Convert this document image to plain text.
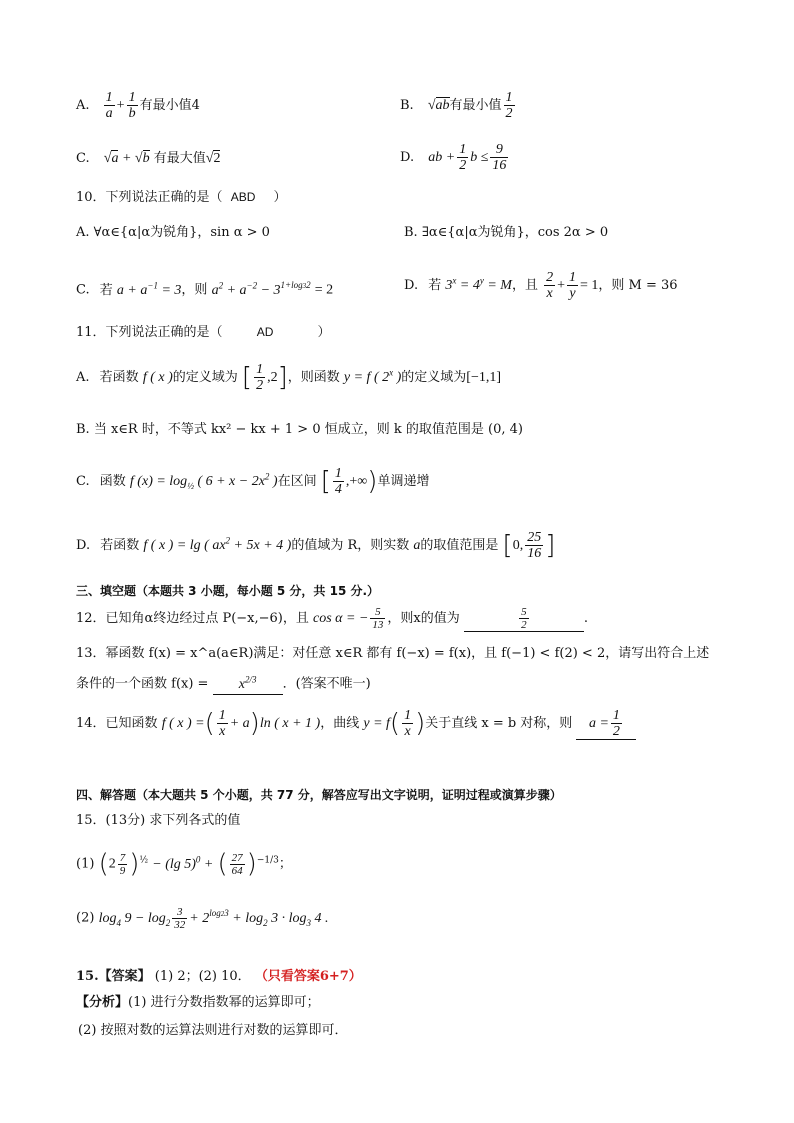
A. $\frac{1}{a} + \frac{1}{b}$ 有最小值4	B. √ab有最小值 $\frac{1}{2}$
C. √a + √b 有最大值√2	D. ab + $\frac{1}{2}$ $b \le \frac{9}{16}$
10．下列说法正确的是（ ABD ）
A. ∀α∈{α|α为锐角}，sin α > 0	B. ∃α∈{α|α为锐角}，cos 2α > 0
C. 若 $a + a^{-1} = 3$，则 $a^2 + a^{-2} - 3^{1+log32} = 2$	D. 若 $3^x = 4^y = M$，且 $\frac{2}{x} + \frac{1}{y} = 1$，则 M = 36
11．下列说法正确的是（	AD	）
A. 若函数 f ( x )的定义域为 [ $\frac{1}{2} ,2$]，则函数 y = f ( 2$^x$ )的定义域为[−1,1]
B. 当 x∈R 时，不等式 kx² − kx + 1 > 0 恒成立，则 k 的取值范围是 (0, 4)
C. 函数 f $(x) = \log_{\frac{1}{2}}$ ( $6 + x - 2x^2$ )在区间 [ $\frac{1}{4}$ ,+∞)单调递增
D. 若函数 f ( x ) = lg ( $ax^2 + 5x + 4$ )的值域为 R，则实数 a的取值范围是 [0, $\frac{25}{16}$ ]
三、填空题（本题共 3 小题，每小题 5 分，共 15 分.）
12．已知角α终边经过点 P(−x,−6)，且 cos α = − $\frac{5}{13}$ ，则x的值为	$\frac{5}{2}$	.
13．幂函数 f(x) = x^a(a∈R)满足：对任意 x∈R 都有 f(−x) = f(x)，且 f(−1) < f(2) < 2，请写出符合上述
条件的一个函数 $f(x) = x^{2/3}$ ．(答案不唯一)
14．已知函数 f ( x ) =( $\frac{1}{x} + a)\ln$ ( x + 1 )，曲线 $y = f( \frac{1}{x}$ )关于直线 x = b 对称，则 $a = \frac{1}{2}$
四、解答题（本大题共 5 个小题，共 77 分，解答应写出文字说明，证明过程或演算步骤）
15．(13分) 求下列各式的值
(1) $(2 \frac{7}{9} )^{\frac{1}{2}} - (\lg$ 5)$^0$ + ( $\frac{27}{64} )^{-1/3}$；
(2) $\log_4 9 - \log_2 \frac{3}{32} + 2^{log23} + \log_2 3 \cdot \log_3 4$ .
15.【答案】 (1) 2；(2) 10． （只看答案6+7）
【分析】(1) 进行分数指数幂的运算即可；
(2) 按照对数的运算法则进行对数的运算即可．
